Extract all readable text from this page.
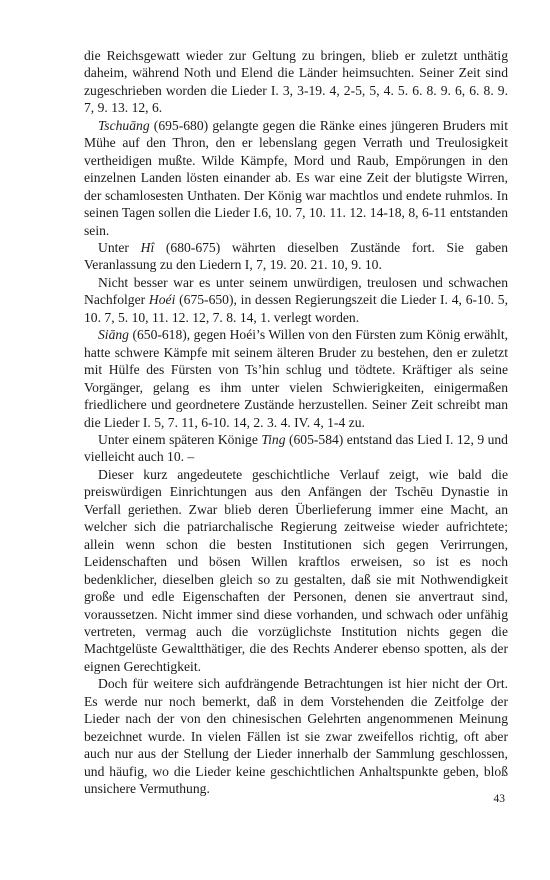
die Reichsgewatt wieder zur Geltung zu bringen, blieb er zuletzt unthätig daheim, während Noth und Elend die Länder heimsuchten. Seiner Zeit sind zugeschrieben worden die Lieder I. 3, 3-19. 4, 2-5, 5, 4. 5. 6. 8. 9. 6, 6. 8. 9. 7, 9. 13. 12, 6.

Tschuāng (695-680) gelangte gegen die Ränke eines jüngeren Bruders mit Mühe auf den Thron, den er lebenslang gegen Verrath und Treulosigkeit vertheidigen mußte. Wilde Kämpfe, Mord und Raub, Empörungen in den einzelnen Landen lösten einander ab. Es war eine Zeit der blutigste Wirren, der schamlosesten Unthaten. Der König war machtlos und endete ruhmlos. In seinen Tagen sollen die Lieder I.6, 10. 7, 10. 11. 12. 14-18, 8, 6-11 entstanden sein.

Unter Hî (680-675) währten dieselben Zustände fort. Sie gaben Veranlassung zu den Liedern I, 7, 19. 20. 21. 10, 9. 10.

Nicht besser war es unter seinem unwürdigen, treulosen und schwachen Nachfolger Hoéi (675-650), in dessen Regierungszeit die Lieder I. 4, 6-10. 5, 10. 7, 5. 10, 11. 12. 12, 7. 8. 14, 1. verlegt worden.

Siāng (650-618), gegen Hoéi’s Willen von den Fürsten zum König erwählt, hatte schwere Kämpfe mit seinem älteren Bruder zu bestehen, den er zuletzt mit Hülfe des Fürsten von Ts’hin schlug und tödtete. Kräftiger als seine Vorgänger, gelang es ihm unter vielen Schwierigkeiten, einigermaßen friedlichere und geordnetere Zustände herzustellen. Seiner Zeit schreibt man die Lieder I. 5, 7. 11, 6-10. 14, 2. 3. 4. IV. 4, 1-4 zu.

Unter einem späteren Könige Ting (605-584) entstand das Lied I. 12, 9 und vielleicht auch 10. –

Dieser kurz angedeutete geschichtliche Verlauf zeigt, wie bald die preiswürdigen Einrichtungen aus den Anfängen der Tschēu Dynastie in Verfall geriethen. Zwar blieb deren Überlieferung immer eine Macht, an welcher sich die patriarchalische Regierung zeitweise wieder aufrichtete; allein wenn schon die besten Institutionen sich gegen Verirrungen, Leidenschaften und bösen Willen kraftlos erweisen, so ist es noch bedenklicher, dieselben gleich so zu gestalten, daß sie mit Nothwendigkeit große und edle Eigenschaften der Personen, denen sie anvertraut sind, voraussetzen. Nicht immer sind diese vorhanden, und schwach oder unfähig vertreten, vermag auch die vorzüglichste Institution nichts gegen die Machtgelüste Gewaltthätiger, die des Rechts Anderer ebenso spotten, als der eignen Gerechtigkeit.

Doch für weitere sich aufdrängende Betrachtungen ist hier nicht der Ort. Es werde nur noch bemerkt, daß in dem Vorstehenden die Zeitfolge der Lieder nach der von den chinesischen Gelehrten angenommenen Meinung bezeichnet wurde. In vielen Fällen ist sie zwar zweifellos richtig, oft aber auch nur aus der Stellung der Lieder innerhalb der Sammlung geschlossen, und häufig, wo die Lieder keine geschichtlichen Anhaltspunkte geben, bloß unsichere Vermuthung.

43
